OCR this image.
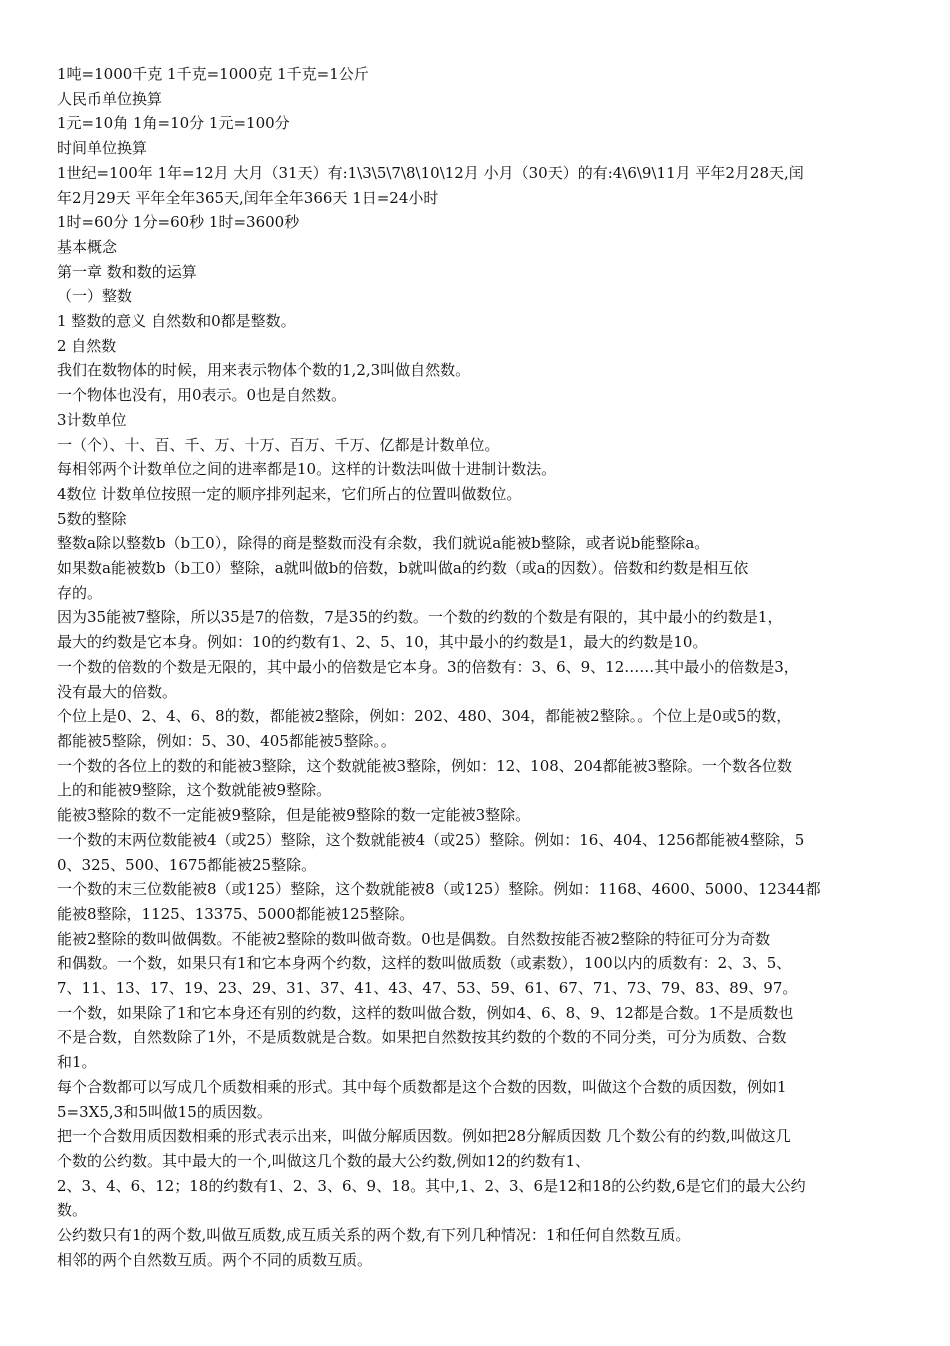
1吨=1000千克 1千克=1000克 1千克=1公斤
人民币单位换算
1元=10角 1角=10分 1元=100分
时间单位换算
1世纪=100年 1年=12月 大月（31天）有:1\3\5\7\8\10\12月 小月（30天）的有:4\6\9\11月 平年2月28天,闰
年2月29天 平年全年365天,闰年全年366天 1日=24小时
1时=60分 1分=60秒 1时=3600秒
基本概念
第一章 数和数的运算
（一）整数
1 整数的意义 自然数和0都是整数。
2 自然数
我们在数物体的时候，用来表示物体个数的1,2,3叫做自然数。
一个物体也没有，用0表示。0也是自然数。
3计数单位
一（个）、十、百、千、万、十万、百万、千万、亿都是计数单位。
每相邻两个计数单位之间的进率都是10。这样的计数法叫做十进制计数法。
4数位 计数单位按照一定的顺序排列起来，它们所占的位置叫做数位。
5数的整除
整数a除以整数b（b工0），除得的商是整数而没有余数，我们就说a能被b整除，或者说b能整除a。
如果数a能被数b（b工0）整除，a就叫做b的倍数，b就叫做a的约数（或a的因数）。倍数和约数是相互依
存的。
因为35能被7整除，所以35是7的倍数，7是35的约数。一个数的约数的个数是有限的，其中最小的约数是1，
最大的约数是它本身。例如：10的约数有1、2、5、10，其中最小的约数是1，最大的约数是10。
一个数的倍数的个数是无限的，其中最小的倍数是它本身。3的倍数有：3、6、9、12……其中最小的倍数是3，
没有最大的倍数。
个位上是0、2、4、6、8的数，都能被2整除，例如：202、480、304，都能被2整除。。个位上是0或5的数，
都能被5整除，例如：5、30、405都能被5整除。。
一个数的各位上的数的和能被3整除，这个数就能被3整除，例如：12、108、204都能被3整除。一个数各位数
上的和能被9整除，这个数就能被9整除。
能被3整除的数不一定能被9整除，但是能被9整除的数一定能被3整除。
一个数的末两位数能被4（或25）整除，这个数就能被4（或25）整除。例如：16、404、1256都能被4整除，5
0、325、500、1675都能被25整除。
一个数的末三位数能被8（或125）整除，这个数就能被8（或125）整除。例如：1168、4600、5000、12344都
能被8整除，1125、13375、5000都能被125整除。
能被2整除的数叫做偶数。不能被2整除的数叫做奇数。0也是偶数。自然数按能否被2整除的特征可分为奇数
和偶数。一个数，如果只有1和它本身两个约数，这样的数叫做质数（或素数），100以内的质数有：2、3、5、
7、11、13、17、19、23、29、31、37、41、43、47、53、59、61、67、71、73、79、83、89、97。
一个数，如果除了1和它本身还有别的约数，这样的数叫做合数，例如4、6、8、9、12都是合数。1不是质数也
不是合数，自然数除了1外，不是质数就是合数。如果把自然数按其约数的个数的不同分类，可分为质数、合数
和1。
每个合数都可以写成几个质数相乘的形式。其中每个质数都是这个合数的因数，叫做这个合数的质因数，例如1
5=3X5,3和5叫做15的质因数。
把一个合数用质因数相乘的形式表示出来，叫做分解质因数。例如把28分解质因数 几个数公有的约数,叫做这几
个数的公约数。其中最大的一个,叫做这几个数的最大公约数,例如12的约数有1、
2、3、4、6、12；18的约数有1、2、3、6、9、18。其中,1、2、3、6是12和18的公约数,6是它们的最大公约
数。
公约数只有1的两个数,叫做互质数,成互质关系的两个数,有下列几种情况：1和任何自然数互质。
相邻的两个自然数互质。两个不同的质数互质。
